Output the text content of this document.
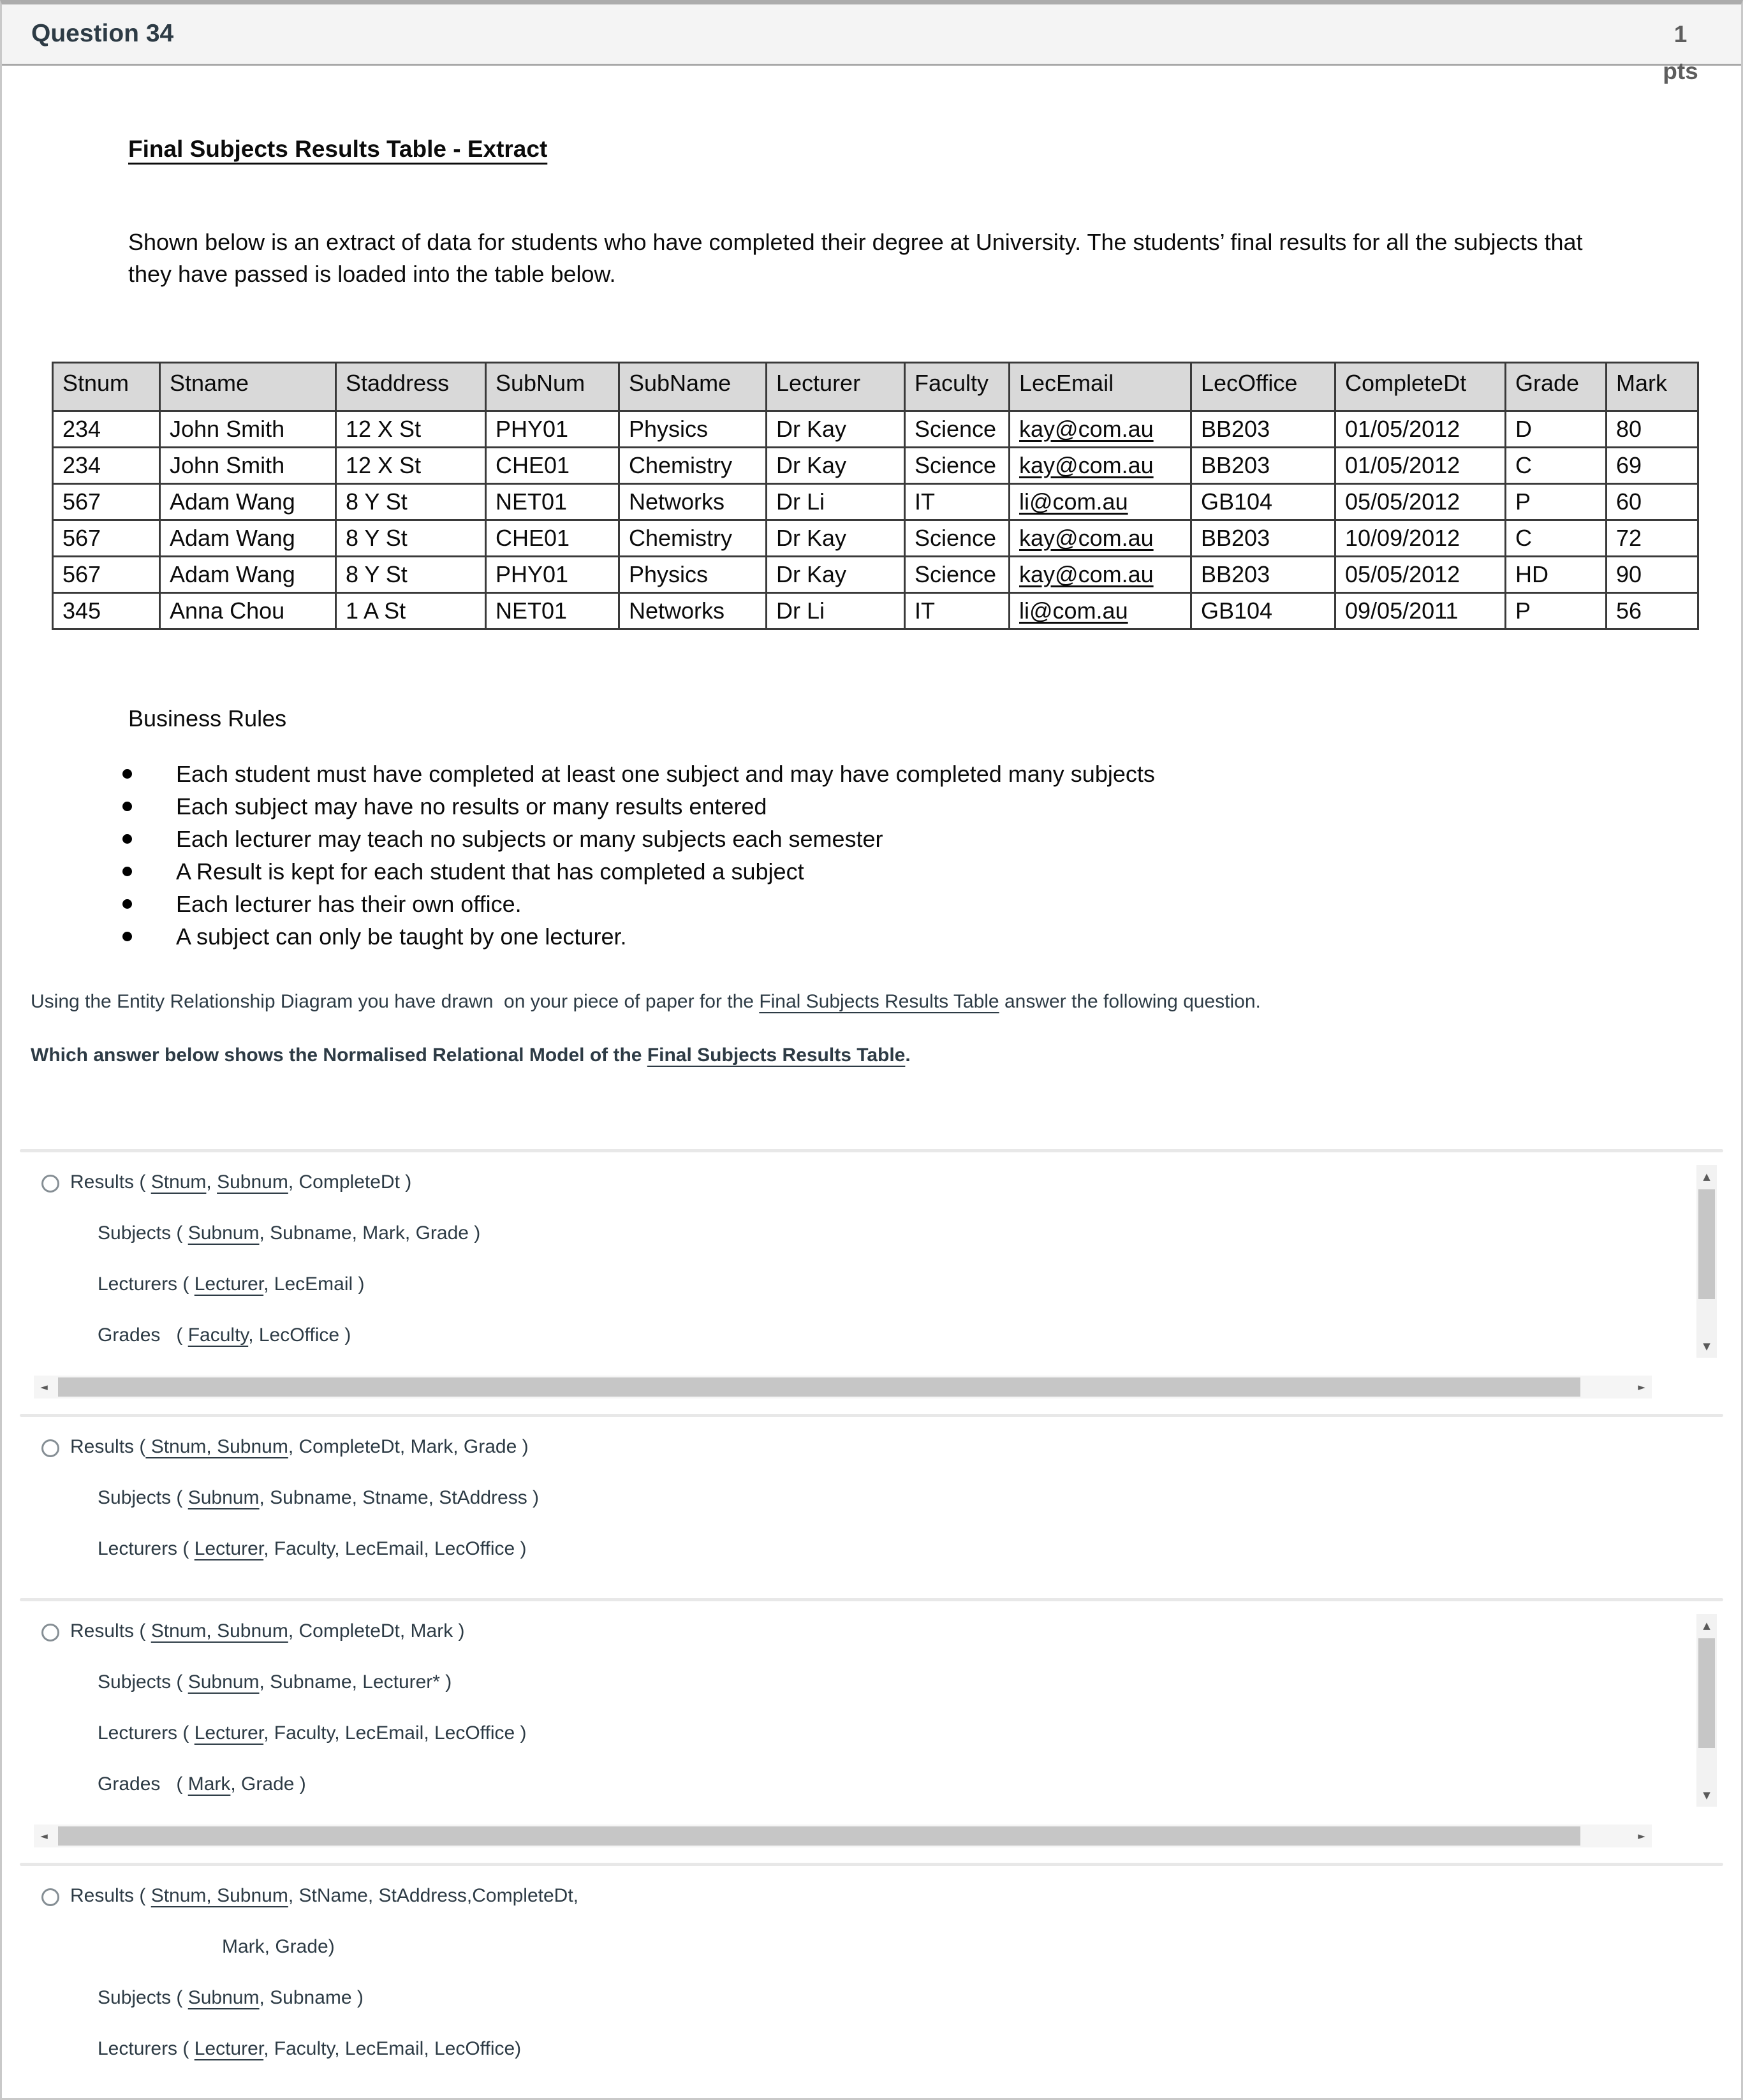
Question 34	1
pts
Final Subjects Results Table - Extract

Shown below is an extract of data for students who have completed their degree at University. The students’ final results for all the subjects that they have passed is loaded into the table below.

Stnum	Stname	Staddress	SubNum	SubName	Lecturer	Faculty	LecEmail	LecOffice	CompleteDt	Grade	Mark
234	John Smith	12 X St	PHY01	Physics	Dr Kay	Science	kay@com.au	BB203	01/05/2012	D	80
234	John Smith	12 X St	CHE01	Chemistry	Dr Kay	Science	kay@com.au	BB203	01/05/2012	C	69
567	Adam Wang	8 Y St	NET01	Networks	Dr Li	IT	li@com.au	GB104	05/05/2012	P	60
567	Adam Wang	8 Y St	CHE01	Chemistry	Dr Kay	Science	kay@com.au	BB203	10/09/2012	C	72
567	Adam Wang	8 Y St	PHY01	Physics	Dr Kay	Science	kay@com.au	BB203	05/05/2012	HD	90
345	Anna Chou	1 A St	NET01	Networks	Dr Li	IT	li@com.au	GB104	09/05/2011	P	56
Business Rules
Each student must have completed at least one subject and may have completed many subjects
Each subject may have no results or many results entered
Each lecturer may teach no subjects or many subjects each semester
A Result is kept for each student that has completed a subject
Each lecturer has their own office.
A subject can only be taught by one lecturer.

Using the Entity Relationship Diagram you have drawn  on your piece of paper for the Final Subjects Results Table answer the following question.

Which answer below shows the Normalised Relational Model of the Final Subjects Results Table.

Results ( Stnum, Subnum, CompleteDt )
Subjects ( Subnum, Subname, Mark, Grade )
Lecturers ( Lecturer, LecEmail )
Grades   ( Faculty, LecOffice )
▲
▼
◄	►
Results ( Stnum, Subnum, CompleteDt, Mark, Grade )
Subjects ( Subnum, Subname, Stname, StAddress )
Lecturers ( Lecturer, Faculty, LecEmail, LecOffice )
Results ( Stnum, Subnum, CompleteDt, Mark )
Subjects ( Subnum, Subname, Lecturer* )
Lecturers ( Lecturer, Faculty, LecEmail, LecOffice )
Grades   ( Mark, Grade )
▲
▼
◄	►
Results ( Stnum, Subnum, StName, StAddress,CompleteDt,
Mark, Grade)
Subjects ( Subnum, Subname )
Lecturers ( Lecturer, Faculty, LecEmail, LecOffice)
